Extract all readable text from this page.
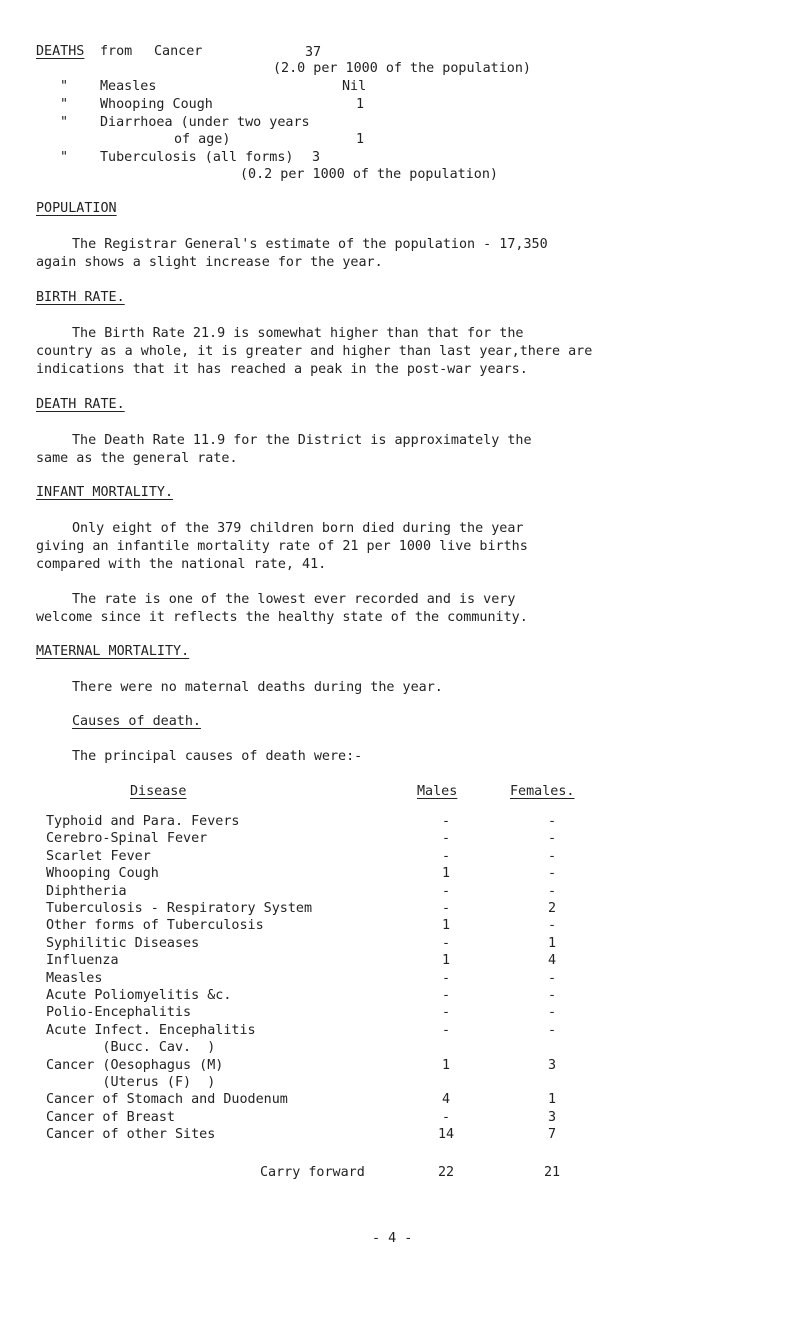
DEATHS from Cancer	37
(2.0 per 1000 of the population)
" Measles	Nil
" Whooping Cough	1
" Diarrhoea (under two years
of age)	1
" Tuberculosis (all forms) 3
(0.2 per 1000 of the population)
POPULATION
The Registrar General's estimate of the population - 17,350
again shows a slight increase for the year.
BIRTH RATE.
The Birth Rate 21.9 is somewhat higher than that for the
country as a whole, it is greater and higher than last year,there are
indications that it has reached a peak in the post-war years.
DEATH RATE.
The Death Rate 11.9 for the District is approximately the
same as the general rate.
INFANT MORTALITY.
Only eight of the 379 children born died during the year
giving an infantile mortality rate of 21 per 1000 live births
compared with the national rate, 41.
The rate is one of the lowest ever recorded and is very
welcome since it reflects the healthy state of the community.
MATERNAL MORTALITY.
There were no maternal deaths during the year.
Causes of death.
The principal causes of death were:-
Disease	Males	Females.
Typhoid and Para. Fevers	-	-
Cerebro-Spinal Fever	-	-
Scarlet Fever	-	-
Whooping Cough	1	-
Diphtheria	-	-
Tuberculosis - Respiratory System	-	2
Other forms of Tuberculosis	1	-
Syphilitic Diseases	-	1
Influenza	1	4
Measles	-	-
Acute Poliomyelitis &c.	-	-
Polio-Encephalitis	-	-
Acute Infect. Encephalitis	-	-
(Bucc. Cav.  )
Cancer (Oesophagus (M)	1	3
(Uterus (F)  )
Cancer of Stomach and Duodenum	4	1
Cancer of Breast	-	3
Cancer of other Sites	14	7
Carry forward	22	21
- 4 -
